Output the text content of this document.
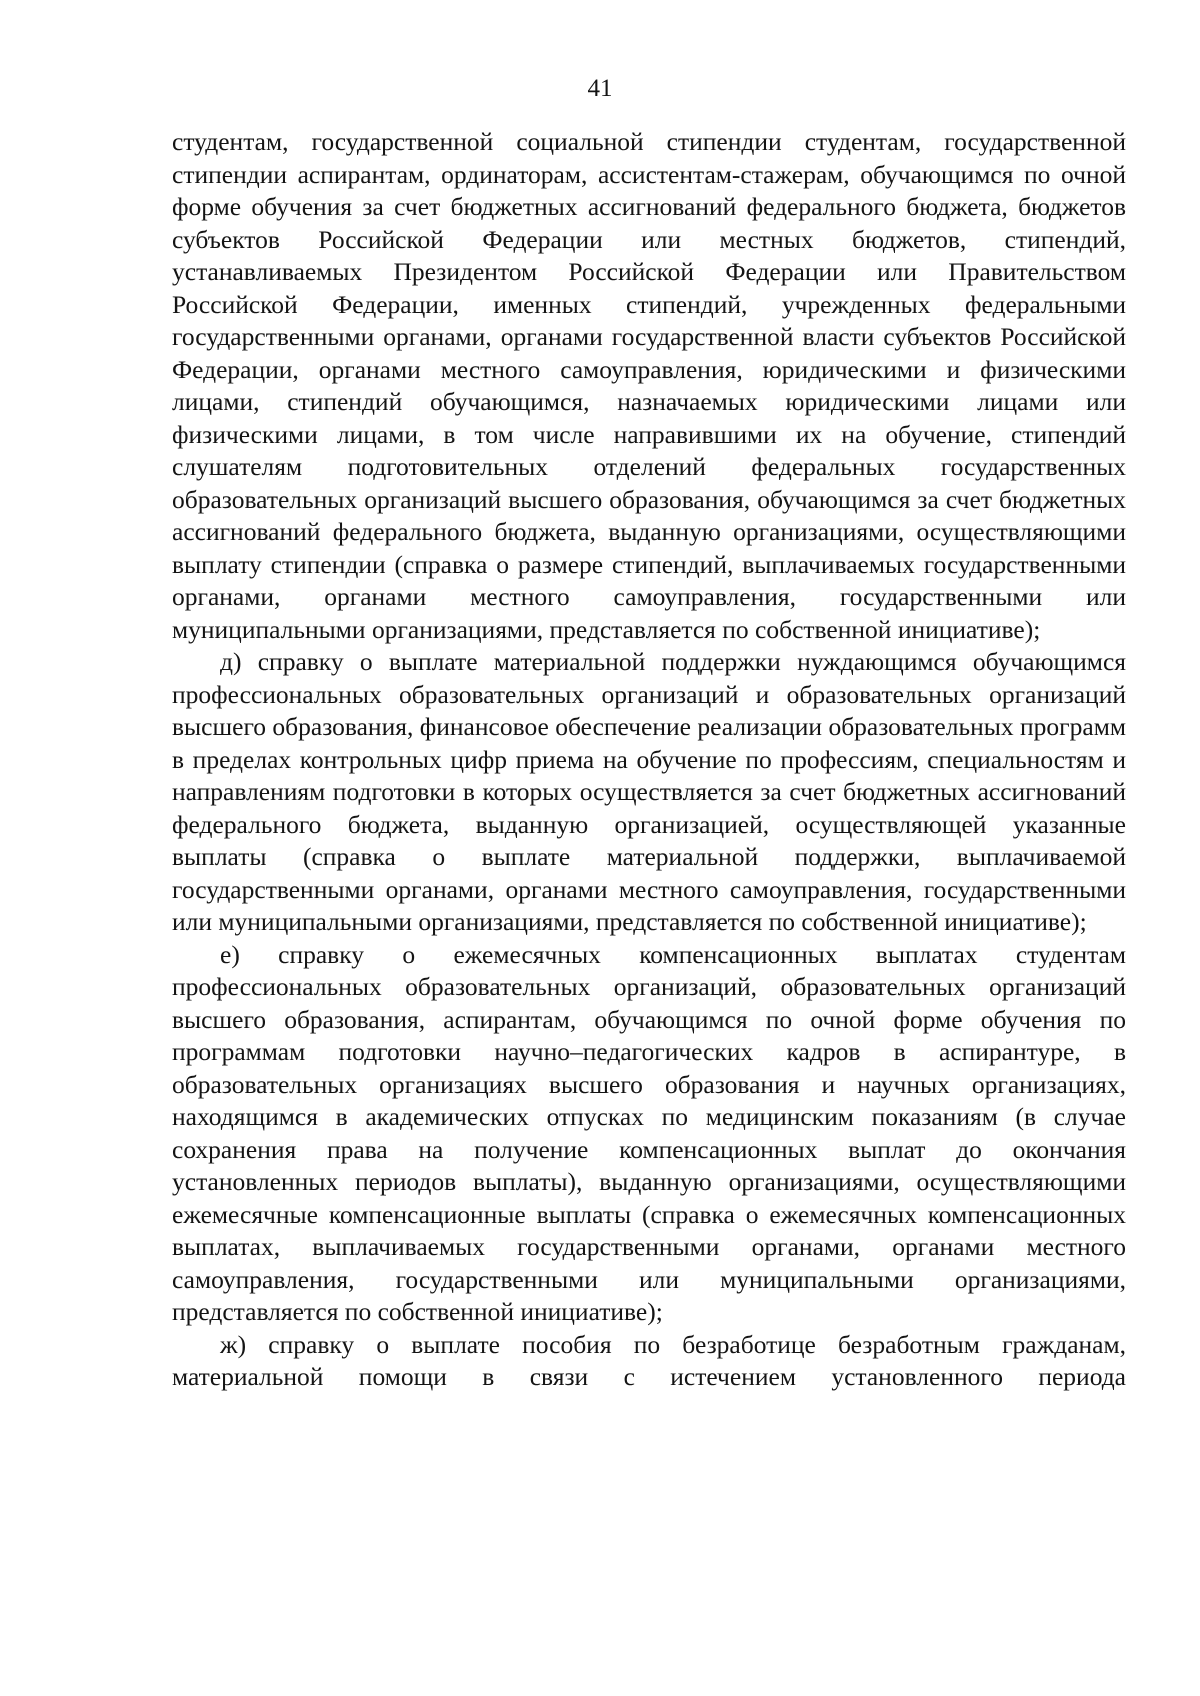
41

студентам, государственной социальной стипендии студентам, государственной стипендии аспирантам, ординаторам, ассистентам-стажерам, обучающимся по очной форме обучения за счет бюджетных ассигнований федерального бюджета, бюджетов субъектов Российской Федерации или местных бюджетов, стипендий, устанавливаемых Президентом Российской Федерации или Правительством Российской Федерации, именных стипендий, учрежденных федеральными государственными органами, органами государственной власти субъектов Российской Федерации, органами местного самоуправления, юридическими и физическими лицами, стипендий обучающимся, назначаемых юридическими лицами или физическими лицами, в том числе направившими их на обучение, стипендий слушателям подготовительных отделений федеральных государственных образовательных организаций высшего образования, обучающимся за счет бюджетных ассигнований федерального бюджета, выданную организациями, осуществляющими выплату стипендии (справка о размере стипендий, выплачиваемых государственными органами, органами местного самоуправления, государственными или муниципальными организациями, представляется по собственной инициативе);

д) справку о выплате материальной поддержки нуждающимся обучающимся профессиональных образовательных организаций и образовательных организаций высшего образования, финансовое обеспечение реализации образовательных программ в пределах контрольных цифр приема на обучение по профессиям, специальностям и направлениям подготовки в которых осуществляется за счет бюджетных ассигнований федерального бюджета, выданную организацией, осуществляющей указанные выплаты (справка о выплате материальной поддержки, выплачиваемой государственными органами, органами местного самоуправления, государственными или муниципальными организациями, представляется по собственной инициативе);

е) справку о ежемесячных компенсационных выплатах студентам профессиональных образовательных организаций, образовательных организаций высшего образования, аспирантам, обучающимся по очной форме обучения по программам подготовки научно–педагогических кадров в аспирантуре, в образовательных организациях высшего образования и научных организациях, находящимся в академических отпусках по медицинским показаниям (в случае сохранения права на получение компенсационных выплат до окончания установленных периодов выплаты), выданную организациями, осуществляющими ежемесячные компенсационные выплаты (справка о ежемесячных компенсационных выплатах, выплачиваемых государственными органами, органами местного самоуправления, государственными или муниципальными организациями, представляется по собственной инициативе);

ж) справку о выплате пособия по безработице безработным гражданам, материальной помощи в связи с истечением установленного периода
